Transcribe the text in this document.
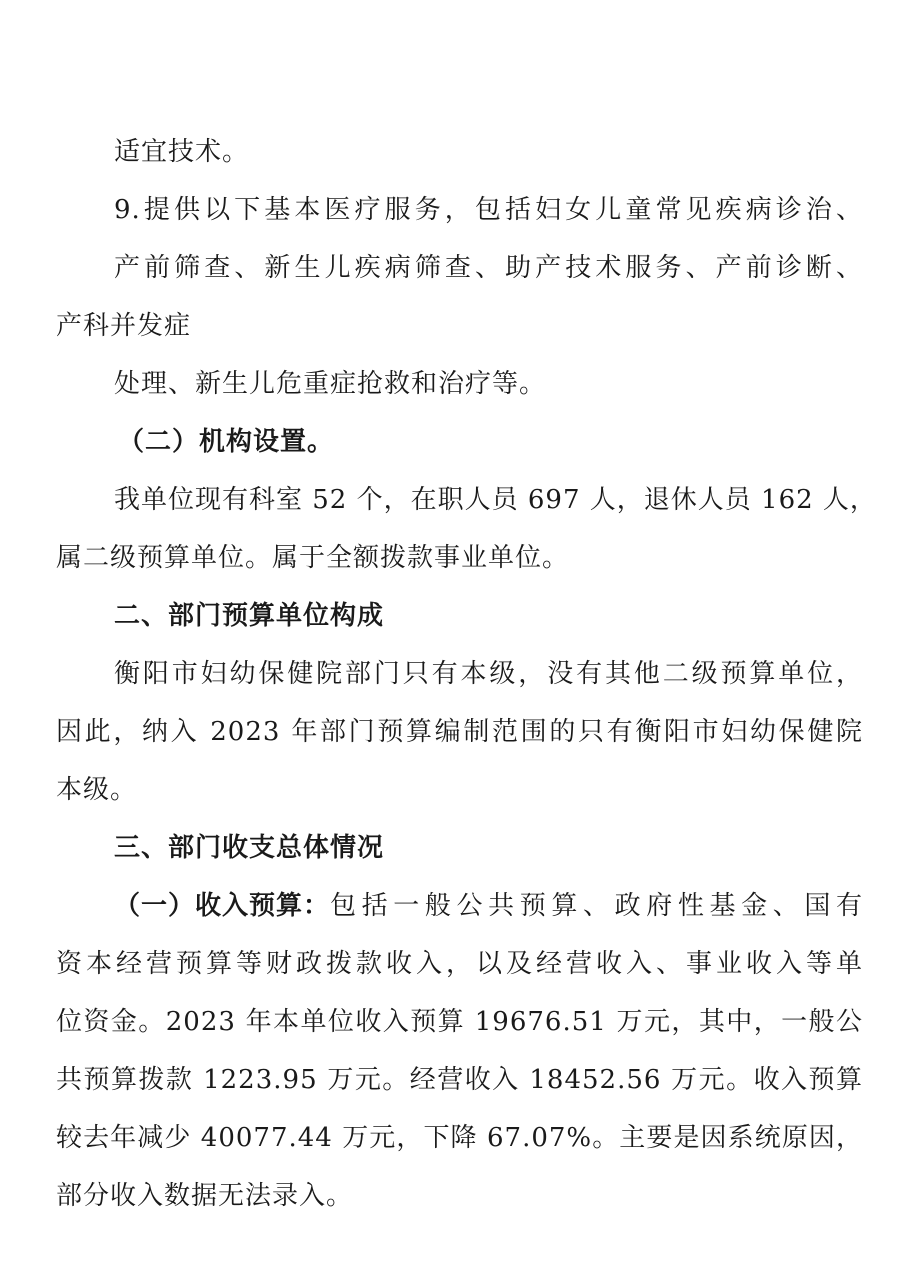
适宜技术。
9.提供以下基本医疗服务，包括妇女儿童常见疾病诊治、
产前筛查、新生儿疾病筛查、助产技术服务、产前诊断、
产科并发症
处理、新生儿危重症抢救和治疗等。
（二）机构设置。
我单位现有科室 52 个，在职人员 697 人，退休人员 162 人，
属二级预算单位。属于全额拨款事业单位。
二、部门预算单位构成
衡阳市妇幼保健院部门只有本级，没有其他二级预算单位，
因此，纳入 2023 年部门预算编制范围的只有衡阳市妇幼保健院
本级。
三、部门收支总体情况
（一）收入预算： 包括一般公共预算、政府性基金、国有
资本经营预算等财政拨款收入，以及经营收入、事业收入等单
位资金。2023 年本单位收入预算 19676.51 万元，其中，一般公
共预算拨款 1223.95 万元。经营收入 18452.56 万元。收入预算
较去年减少 40077.44 万元，下降 67.07%。主要是因系统原因，
部分收入数据无法录入。
